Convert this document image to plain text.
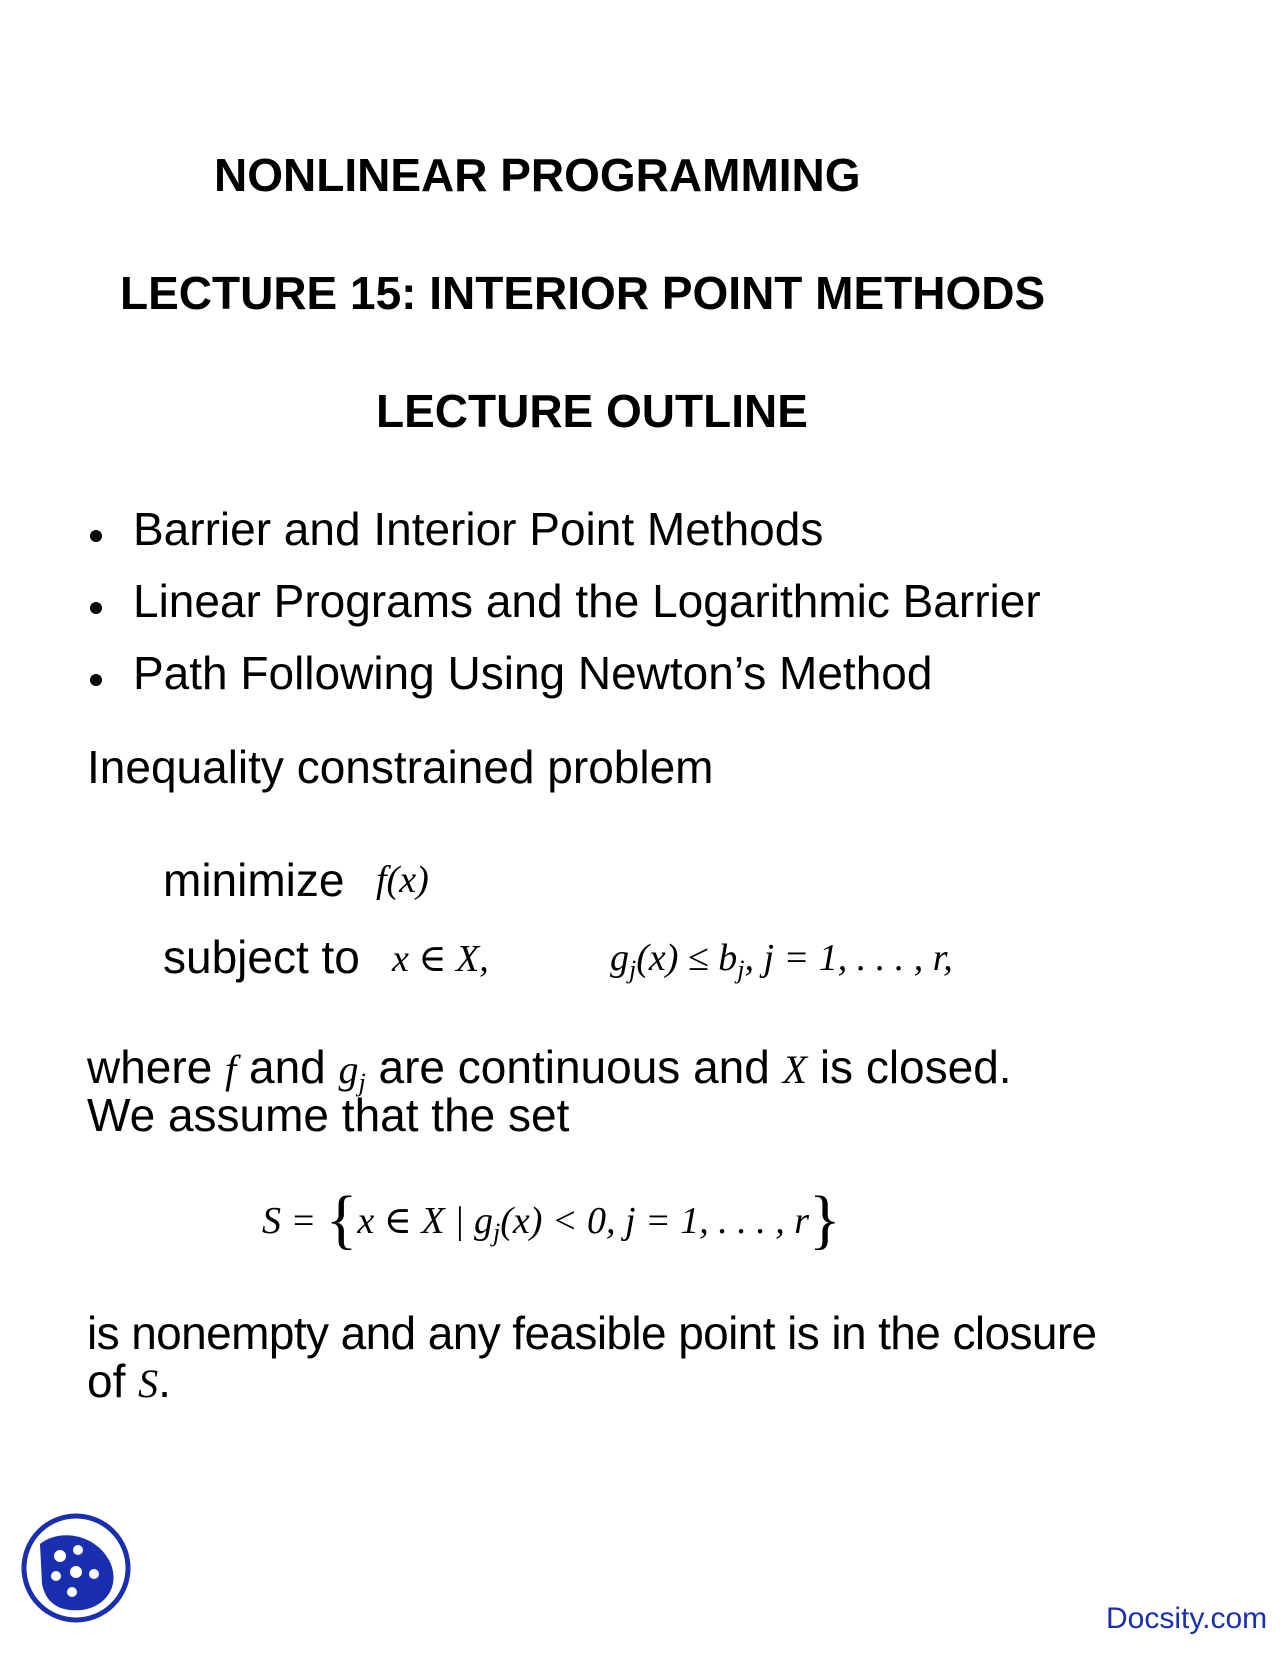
NONLINEAR PROGRAMMING
LECTURE 15: INTERIOR POINT METHODS
LECTURE OUTLINE
Barrier and Interior Point Methods
Linear Programs and the Logarithmic Barrier
Path Following Using Newton’s Method
Inequality constrained problem
minimize f(x)
subject to x ∈ X,	$g_j(x) \le b_j$, j = 1, . . . , r,
where f and $g_j$ are continuous and X is closed.
We assume that the set
S = {x ∈ X | $g_j(x) < 0$, j = 1, . . . , r}
is nonempty and any feasible point is in the closure
of S.
Docsity.com
